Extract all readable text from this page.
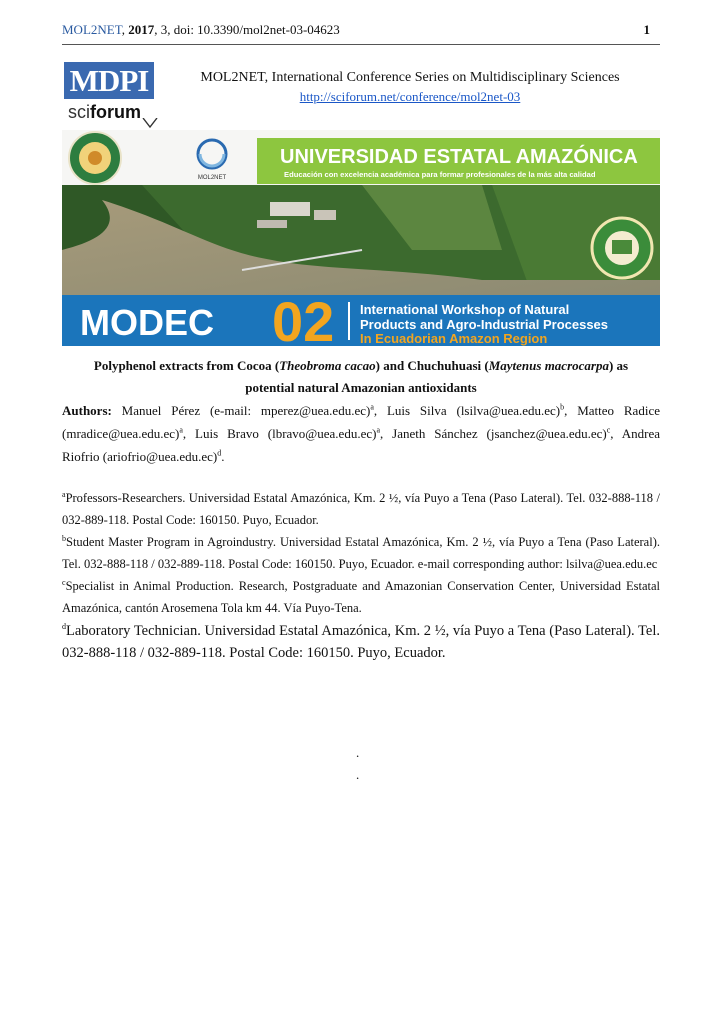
MOL2NET, 2017, 3, doi: 10.3390/mol2net-03-04623	1
MDPI
sciforum
MOL2NET, International Conference Series on Multidisciplinary Sciences
http://sciforum.net/conference/mol2net-03
UNIVERSIDAD ESTATAL AMAZÓNICA
Educación con excelencia académica para formar profesionales de la más alta calidad
MOL2NET
MODEC 02 International Workshop of Natural
Products and Agro-Industrial Processes
In Ecuadorian Amazon Region
Polyphenol extracts from Cocoa (Theobroma cacao) and Chuchuhuasi (Maytenus macrocarpa) as
potential natural Amazonian antioxidants
Authors: Manuel Pérez (e-mail: mperez@uea.edu.ec)$^a$, Luis Silva (lsilva@uea.edu.ec)$^b$, Matteo Radice (mradice@uea.edu.ec)$^a$, Luis Bravo (lbravo@uea.edu.ec)$^a$, Janeth Sánchez (jsanchez@uea.edu.ec)$^c$, Andrea Riofrio (ariofrio@uea.edu.ec)$^d$.
$^a$Professors-Researchers. Universidad Estatal Amazónica, Km. 2 ½, vía Puyo a Tena (Paso Lateral). Tel. 032-888-118 / 032-889-118. Postal Code: 160150. Puyo, Ecuador.
$^b$Student Master Program in Agroindustry. Universidad Estatal Amazónica, Km. 2 ½, vía Puyo a Tena (Paso Lateral). Tel. 032-888-118 / 032-889-118. Postal Code: 160150. Puyo, Ecuador. e-mail corresponding author: lsilva@uea.edu.ec
$^c$Specialist in Animal Production. Research, Postgraduate and Amazonian Conservation Center, Universidad Estatal Amazónica, cantón Arosemena Tola km 44. Vía Puyo-Tena.
$^d$Laboratory Technician. Universidad Estatal Amazónica, Km. 2 ½, vía Puyo a Tena (Paso Lateral). Tel. 032-888-118 / 032-889-118. Postal Code: 160150. Puyo, Ecuador.
.
.
